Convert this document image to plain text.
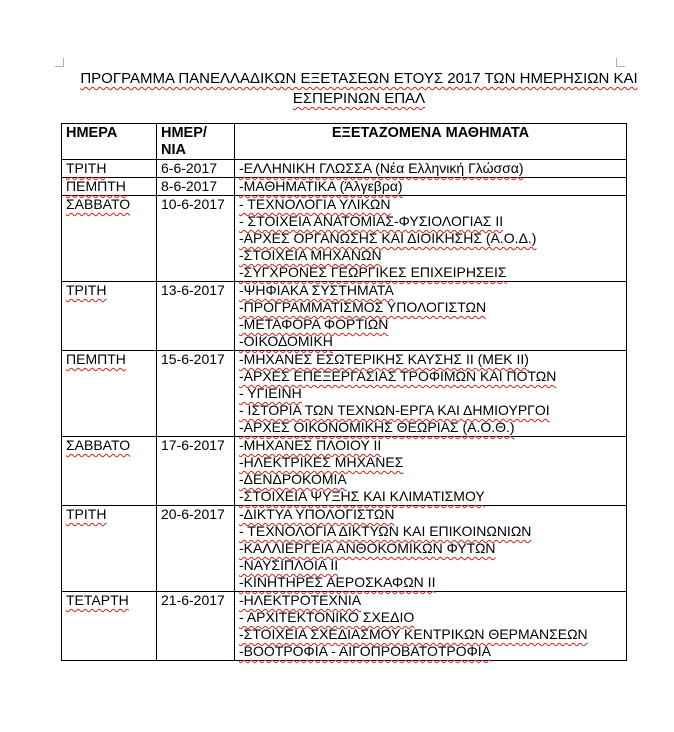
ΠΡΟΓΡΑΜΜΑ ΠΑΝΕΛΛΑΔΙΚΩΝ ΕΞΕΤΑΣΕΩΝ ΕΤΟΥΣ 2017 ΤΩΝ ΗΜΕΡΗΣΙΩΝ ΚΑΙ
ΕΣΠΕΡΙΝΩΝ ΕΠΑΛ
ΗΜΕΡΑ	ΗΜΕΡ/ΝΙΑ	ΕΞΕΤΑΖΟΜΕΝΑ ΜΑΘΗΜΑΤΑ
ΤΡΙΤΗ	6-6-2017	-ΕΛΛΗΝΙΚΗ ΓΛΩΣΣΑ (Νέα Ελληνική Γλώσσα)

ΠΕΜΠΤΗ	8-6-2017	-ΜΑΘΗΜΑΤΙΚΑ (Άλγεβρα)

ΣΑΒΒΑΤΟ	10-6-2017	- ΤΕΧΝΟΛΟΓΙΑ ΥΛΙΚΩΝ
- ΣΤΟΙΧΕΙΑ ΑΝΑΤΟΜΙΑΣ-ΦΥΣΙΟΛΟΓΙΑΣ ΙΙ
-ΑΡΧΕΣ ΟΡΓΑΝΩΣΗΣ ΚΑΙ ΔΙΟΙΚΗΣΗΣ (Α.Ο.Δ.)
-ΣΤΟΙΧΕΙΑ ΜΗΧΑΝΩΝ
-ΣΥΓΧΡΟΝΕΣ ΓΕΩΡΓΙΚΕΣ ΕΠΙΧΕΙΡΗΣΕΙΣ

ΤΡΙΤΗ	13-6-2017	-ΨΗΦΙΑΚΑ ΣΥΣΤΗΜΑΤΑ
-ΠΡΟΓΡΑΜΜΑΤΙΣΜΟΣ ΥΠΟΛΟΓΙΣΤΩΝ
-ΜΕΤΑΦΟΡΑ ΦΟΡΤΙΩΝ
-ΟΙΚΟΔΟΜΙΚΗ

ΠΕΜΠΤΗ	15-6-2017	-ΜΗΧΑΝΕΣ ΕΣΩΤΕΡΙΚΗΣ ΚΑΥΣΗΣ ΙΙ (ΜΕΚ ΙΙ)
-ΑΡΧΕΣ ΕΠΕΞΕΡΓΑΣΙΑΣ ΤΡΟΦΙΜΩΝ ΚΑΙ ΠΟΤΩΝ
- ΥΓΙΕΙΝΗ
- ΙΣΤΟΡΙΑ ΤΩΝ ΤΕΧΝΩΝ-ΕΡΓΑ ΚΑΙ ΔΗΜΙΟΥΡΓΟΙ
-ΑΡΧΕΣ ΟΙΚΟΝΟΜΙΚΗΣ ΘΕΩΡΙΑΣ (Α.Ο.Θ.)

ΣΑΒΒΑΤΟ	17-6-2017	-ΜΗΧΑΝΕΣ ΠΛΟΙΟΥ ΙΙ
-ΗΛΕΚΤΡΙΚΕΣ ΜΗΧΑΝΕΣ
-ΔΕΝΔΡΟΚΟΜΙΑ
-ΣΤΟΙΧΕΙΑ ΨΥΞΗΣ ΚΑΙ ΚΛΙΜΑΤΙΣΜΟΥ

ΤΡΙΤΗ	20-6-2017	-ΔΙΚΤΥΑ ΥΠΟΛΟΓΙΣΤΩΝ
- ΤΕΧΝΟΛΟΓΙΑ ΔΙΚΤΥΩΝ ΚΑΙ ΕΠΙΚΟΙΝΩΝΙΩΝ
-ΚΑΛΛΙΕΡΓΕΙΑ ΑΝΘΟΚΟΜΙΚΩΝ ΦΥΤΩΝ
-ΝΑΥΣΙΠΛΟΙΑ ΙΙ
-ΚΙΝΗΤΗΡΕΣ ΑΕΡΟΣΚΑΦΩΝ ΙΙ

ΤΕΤΑΡΤΗ	21-6-2017	-ΗΛΕΚΤΡΟΤΕΧΝΙΑ
- ΑΡΧΙΤΕΚΤΟΝΙΚΟ ΣΧΕΔΙΟ
-ΣΤΟΙΧΕΙΑ ΣΧΕΔΙΑΣΜΟΥ ΚΕΝΤΡΙΚΩΝ ΘΕΡΜΑΝΣΕΩΝ
-ΒΟΟΤΡΟΦΙΑ - ΑΙΓΟΠΡΟΒΑΤΟΤΡΟΦΙΑ
